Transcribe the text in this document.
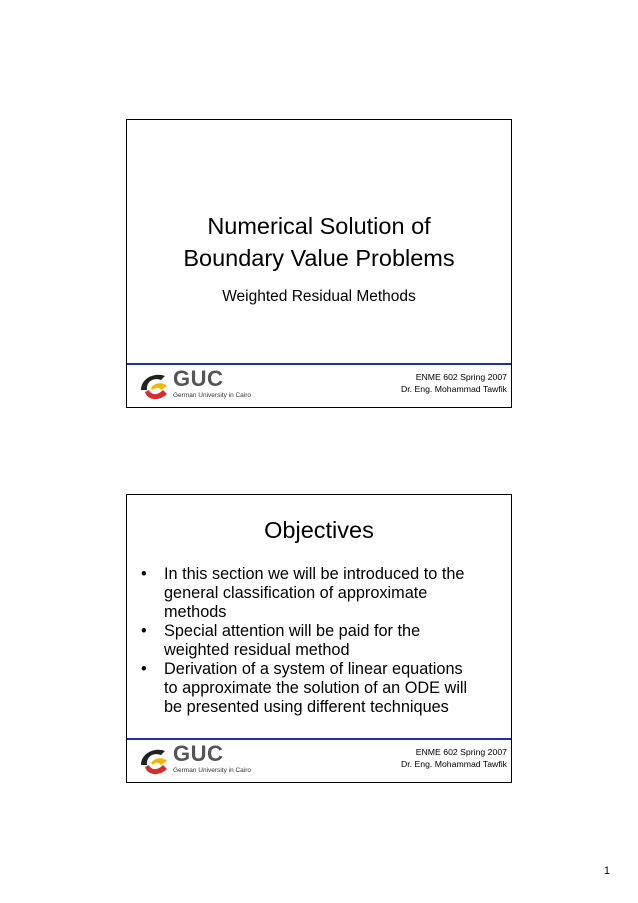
Numerical Solution of
Boundary Value Problems
Weighted Residual Methods
GUC
German University in Cairo
ENME 602 Spring 2007
Dr. Eng. Mohammad Tawfik
Objectives
• In this section we will be introduced to the
general classification of approximate
methods
• Special attention will be paid for the
weighted residual method
• Derivation of a system of linear equations
to approximate the solution of an ODE will
be presented using different techniques
GUC
German University in Cairo
ENME 602 Spring 2007
Dr. Eng. Mohammad Tawfik
1
